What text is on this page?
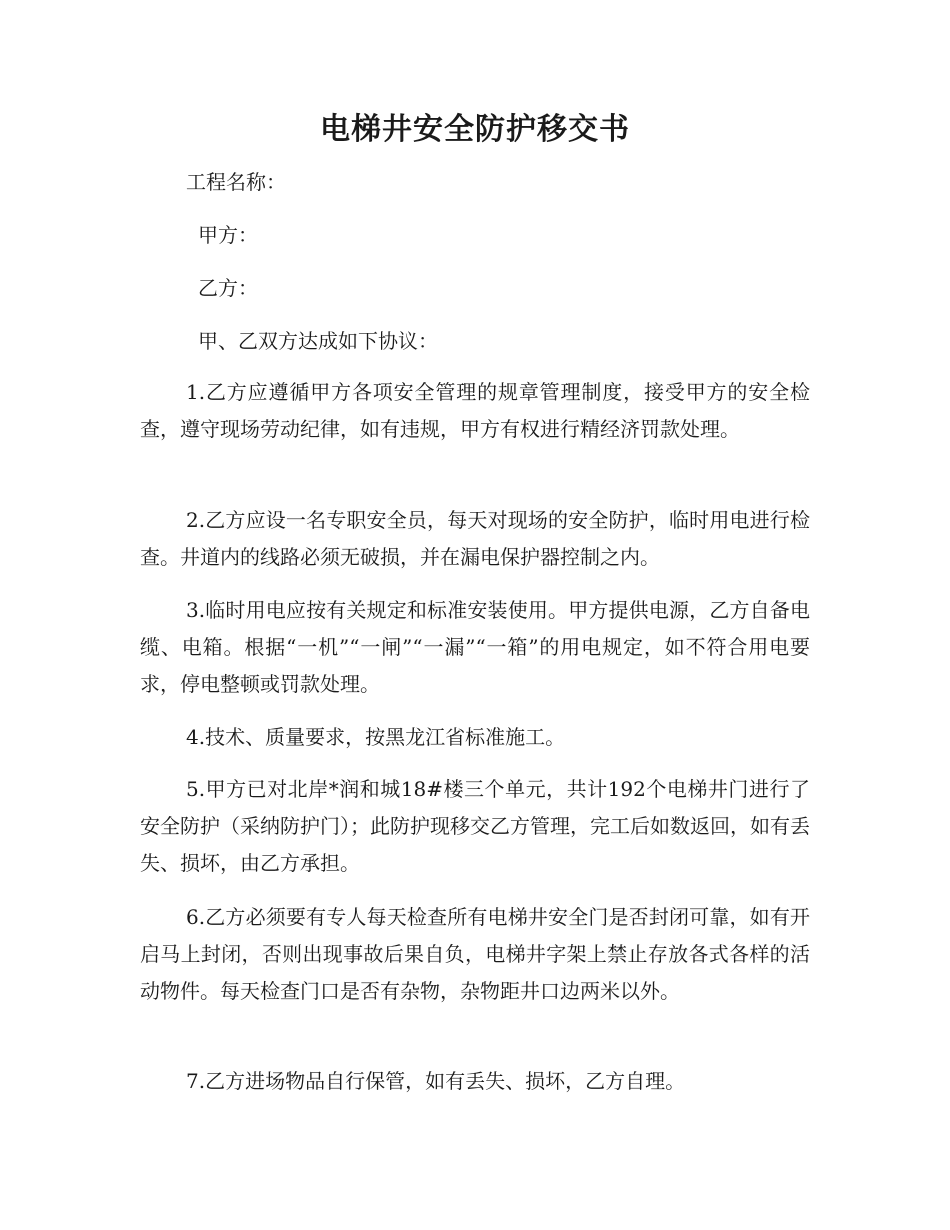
电梯井安全防护移交书

工程名称：

甲方：

乙方：

甲、乙双方达成如下协议：

1.乙方应遵循甲方各项安全管理的规章管理制度，接受甲方的安全检查，遵守现场劳动纪律，如有违规，甲方有权进行精经济罚款处理。

2.乙方应设一名专职安全员，每天对现场的安全防护，临时用电进行检查。井道内的线路必须无破损，并在漏电保护器控制之内。

3.临时用电应按有关规定和标准安装使用。甲方提供电源，乙方自备电缆、电箱。根据“一机”“一闸”“一漏”“一箱”的用电规定，如不符合用电要求，停电整顿或罚款处理。

4.技术、质量要求，按黑龙江省标准施工。

5.甲方已对北岸*润和城18#楼三个单元，共计192个电梯井门进行了安全防护（采纳防护门）；此防护现移交乙方管理，完工后如数返回，如有丢失、损坏，由乙方承担。

6.乙方必须要有专人每天检查所有电梯井安全门是否封闭可靠，如有开启马上封闭，否则出现事故后果自负，电梯井字架上禁止存放各式各样的活动物件。每天检查门口是否有杂物，杂物距井口边两米以外。

7.乙方进场物品自行保管，如有丢失、损坏，乙方自理。
